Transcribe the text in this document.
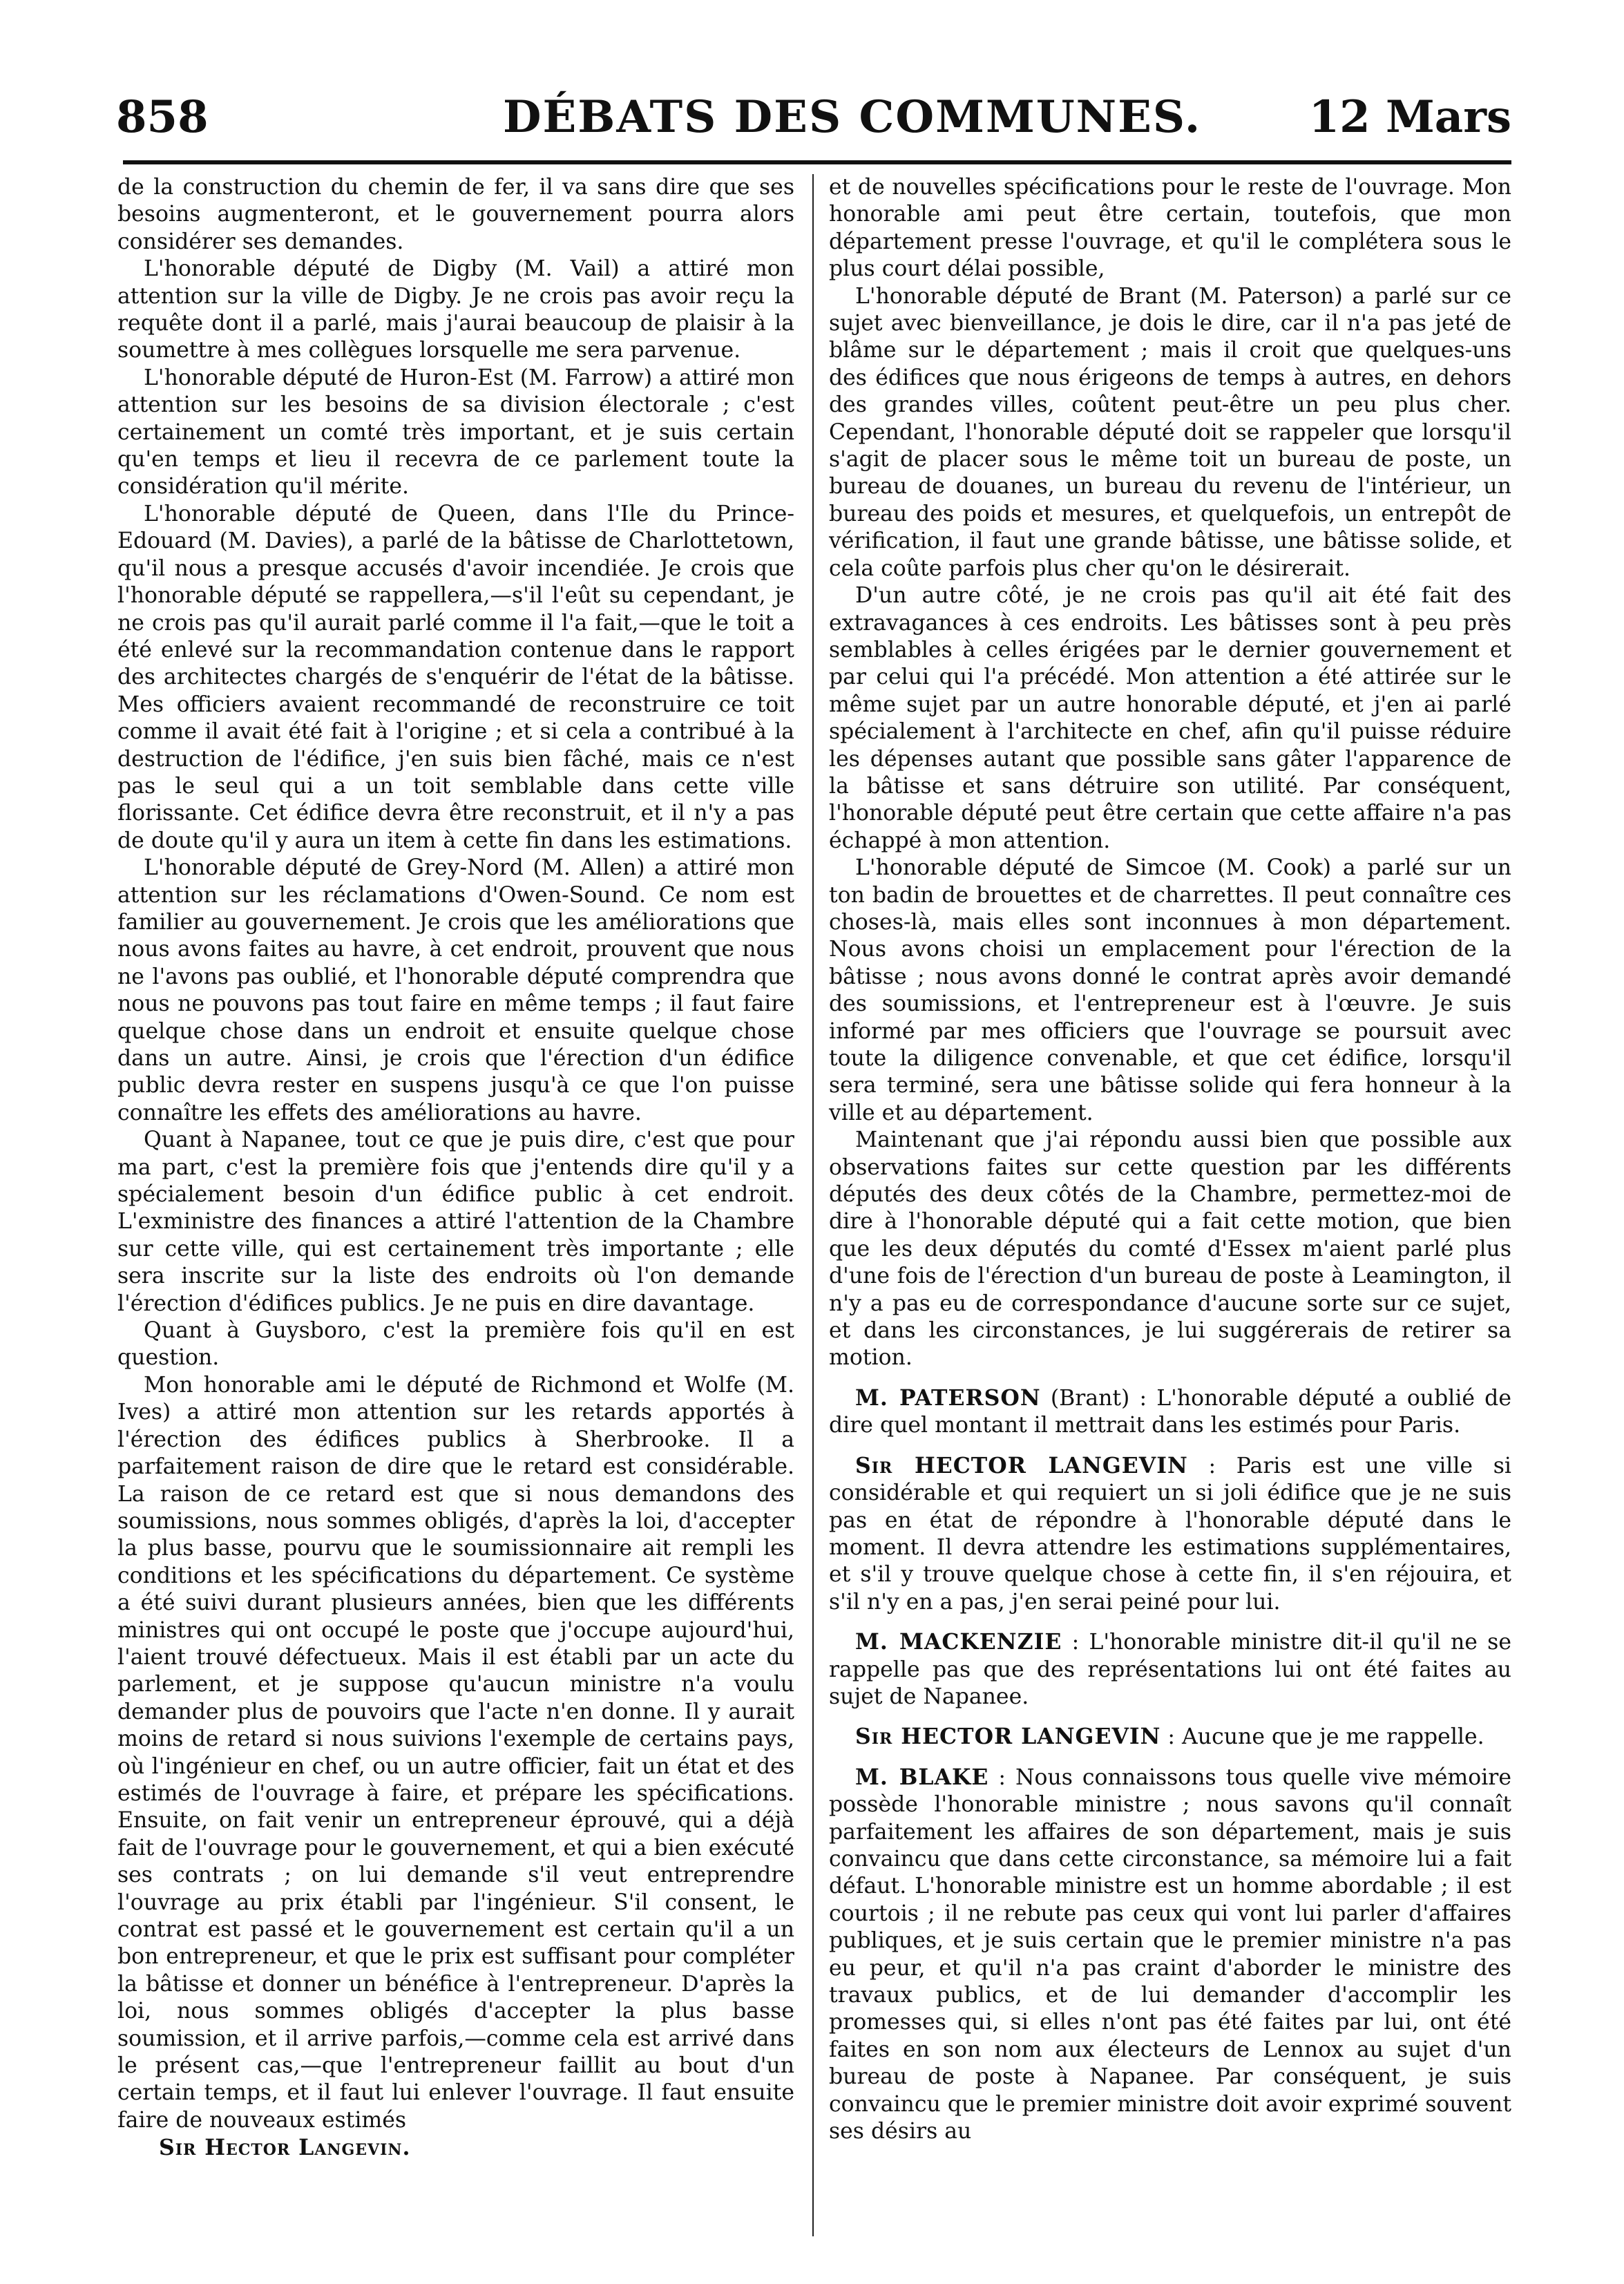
858	DÉBATS DES COMMUNES. 12 Mars

de la construction du chemin de fer, il va sans dire que ses besoins augmenteront, et le gouvernement pourra alors considérer ses demandes.

L'honorable député de Digby (M. Vail) a attiré mon attention sur la ville de Digby. Je ne crois pas avoir reçu la requête dont il a parlé, mais j'aurai beaucoup de plaisir à la soumettre à mes collègues lorsquelle me sera parvenue.

L'honorable député de Huron-Est (M. Farrow) a attiré mon attention sur les besoins de sa division électorale ; c'est certainement un comté très important, et je suis certain qu'en temps et lieu il recevra de ce parlement toute la considération qu'il mérite.

L'honorable député de Queen, dans l'Ile du Prince-Edouard (M. Davies), a parlé de la bâtisse de Charlottetown, qu'il nous a presque accusés d'avoir incendiée. Je crois que l'honorable député se rappellera,—s'il l'eût su cependant, je ne crois pas qu'il aurait parlé comme il l'a fait,—que le toit a été enlevé sur la recommandation contenue dans le rapport des architectes chargés de s'enquérir de l'état de la bâtisse. Mes officiers avaient recommandé de reconstruire ce toit comme il avait été fait à l'origine ; et si cela a contribué à la destruction de l'édifice, j'en suis bien fâché, mais ce n'est pas le seul qui a un toit semblable dans cette ville florissante. Cet édifice devra être reconstruit, et il n'y a pas de doute qu'il y aura un item à cette fin dans les estimations.

L'honorable député de Grey-Nord (M. Allen) a attiré mon attention sur les réclamations d'Owen-Sound. Ce nom est familier au gouvernement. Je crois que les améliorations que nous avons faites au havre, à cet endroit, prouvent que nous ne l'avons pas oublié, et l'honorable député comprendra que nous ne pouvons pas tout faire en même temps ; il faut faire quelque chose dans un endroit et ensuite quelque chose dans un autre. Ainsi, je crois que l'érection d'un édifice public devra rester en suspens jusqu'à ce que l'on puisse connaître les effets des améliorations au havre.

Quant à Napanee, tout ce que je puis dire, c'est que pour ma part, c'est la première fois que j'entends dire qu'il y a spécialement besoin d'un édifice public à cet endroit. L'exministre des finances a attiré l'attention de la Chambre sur cette ville, qui est certainement très importante ; elle sera inscrite sur la liste des endroits où l'on demande l'érection d'édifices publics. Je ne puis en dire davantage.

Quant à Guysboro, c'est la première fois qu'il en est question.

Mon honorable ami le député de Richmond et Wolfe (M. Ives) a attiré mon attention sur les retards apportés à l'érection des édifices publics à Sherbrooke. Il a parfaitement raison de dire que le retard est considérable. La raison de ce retard est que si nous demandons des soumissions, nous sommes obligés, d'après la loi, d'accepter la plus basse, pourvu que le soumissionnaire ait rempli les conditions et les spécifications du département. Ce système a été suivi durant plusieurs années, bien que les différents ministres qui ont occupé le poste que j'occupe aujourd'hui, l'aient trouvé défectueux. Mais il est établi par un acte du parlement, et je suppose qu'aucun ministre n'a voulu demander plus de pouvoirs que l'acte n'en donne. Il y aurait moins de retard si nous suivions l'exemple de certains pays, où l'ingénieur en chef, ou un autre officier, fait un état et des estimés de l'ouvrage à faire, et prépare les spécifications. Ensuite, on fait venir un entrepreneur éprouvé, qui a déjà fait de l'ouvrage pour le gouvernement, et qui a bien exécuté ses contrats ; on lui demande s'il veut entreprendre l'ouvrage au prix établi par l'ingénieur. S'il consent, le contrat est passé et le gouvernement est certain qu'il a un bon entrepreneur, et que le prix est suffisant pour compléter la bâtisse et donner un bénéfice à l'entrepreneur. D'après la loi, nous sommes obligés d'accepter la plus basse soumission, et il arrive parfois,—comme cela est arrivé dans le présent cas,—que l'entrepreneur faillit au bout d'un certain temps, et il faut lui enlever l'ouvrage. Il faut ensuite faire de nouveaux estimés

Sir Hector Langevin.

et de nouvelles spécifications pour le reste de l'ouvrage. Mon honorable ami peut être certain, toutefois, que mon département presse l'ouvrage, et qu'il le complétera sous le plus court délai possible,

L'honorable député de Brant (M. Paterson) a parlé sur ce sujet avec bienveillance, je dois le dire, car il n'a pas jeté de blâme sur le département ; mais il croit que quelques-uns des édifices que nous érigeons de temps à autres, en dehors des grandes villes, coûtent peut-être un peu plus cher. Cependant, l'honorable député doit se rappeler que lorsqu'il s'agit de placer sous le même toit un bureau de poste, un bureau de douanes, un bureau du revenu de l'intérieur, un bureau des poids et mesures, et quelquefois, un entrepôt de vérification, il faut une grande bâtisse, une bâtisse solide, et cela coûte parfois plus cher qu'on le désirerait.

D'un autre côté, je ne crois pas qu'il ait été fait des extravagances à ces endroits. Les bâtisses sont à peu près semblables à celles érigées par le dernier gouvernement et par celui qui l'a précédé. Mon attention a été attirée sur le même sujet par un autre honorable député, et j'en ai parlé spécialement à l'architecte en chef, afin qu'il puisse réduire les dépenses autant que possible sans gâter l'apparence de la bâtisse et sans détruire son utilité. Par conséquent, l'honorable député peut être certain que cette affaire n'a pas échappé à mon attention.

L'honorable député de Simcoe (M. Cook) a parlé sur un ton badin de brouettes et de charrettes. Il peut connaître ces choses-là, mais elles sont inconnues à mon département. Nous avons choisi un emplacement pour l'érection de la bâtisse ; nous avons donné le contrat après avoir demandé des soumissions, et l'entrepreneur est à l'œuvre. Je suis informé par mes officiers que l'ouvrage se poursuit avec toute la diligence convenable, et que cet édifice, lorsqu'il sera terminé, sera une bâtisse solide qui fera honneur à la ville et au département.

Maintenant que j'ai répondu aussi bien que possible aux observations faites sur cette question par les différents députés des deux côtés de la Chambre, permettez-moi de dire à l'honorable député qui a fait cette motion, que bien que les deux députés du comté d'Essex m'aient parlé plus d'une fois de l'érection d'un bureau de poste à Leamington, il n'y a pas eu de correspondance d'aucune sorte sur ce sujet, et dans les circonstances, je lui suggérerais de retirer sa motion.

M. PATERSON (Brant) : L'honorable député a oublié de dire quel montant il mettrait dans les estimés pour Paris.

Sir HECTOR LANGEVIN : Paris est une ville si considérable et qui requiert un si joli édifice que je ne suis pas en état de répondre à l'honorable député dans le moment. Il devra attendre les estimations supplémentaires, et s'il y trouve quelque chose à cette fin, il s'en réjouira, et s'il n'y en a pas, j'en serai peiné pour lui.

M. MACKENZIE : L'honorable ministre dit-il qu'il ne se rappelle pas que des représentations lui ont été faites au sujet de Napanee.

Sir HECTOR LANGEVIN : Aucune que je me rappelle.

M. BLAKE : Nous connaissons tous quelle vive mémoire possède l'honorable ministre ; nous savons qu'il connaît parfaitement les affaires de son département, mais je suis convaincu que dans cette circonstance, sa mémoire lui a fait défaut. L'honorable ministre est un homme abordable ; il est courtois ; il ne rebute pas ceux qui vont lui parler d'affaires publiques, et je suis certain que le premier ministre n'a pas eu peur, et qu'il n'a pas craint d'aborder le ministre des travaux publics, et de lui demander d'accomplir les promesses qui, si elles n'ont pas été faites par lui, ont été faites en son nom aux électeurs de Lennox au sujet d'un bureau de poste à Napanee. Par conséquent, je suis convaincu que le premier ministre doit avoir exprimé souvent ses désirs au
